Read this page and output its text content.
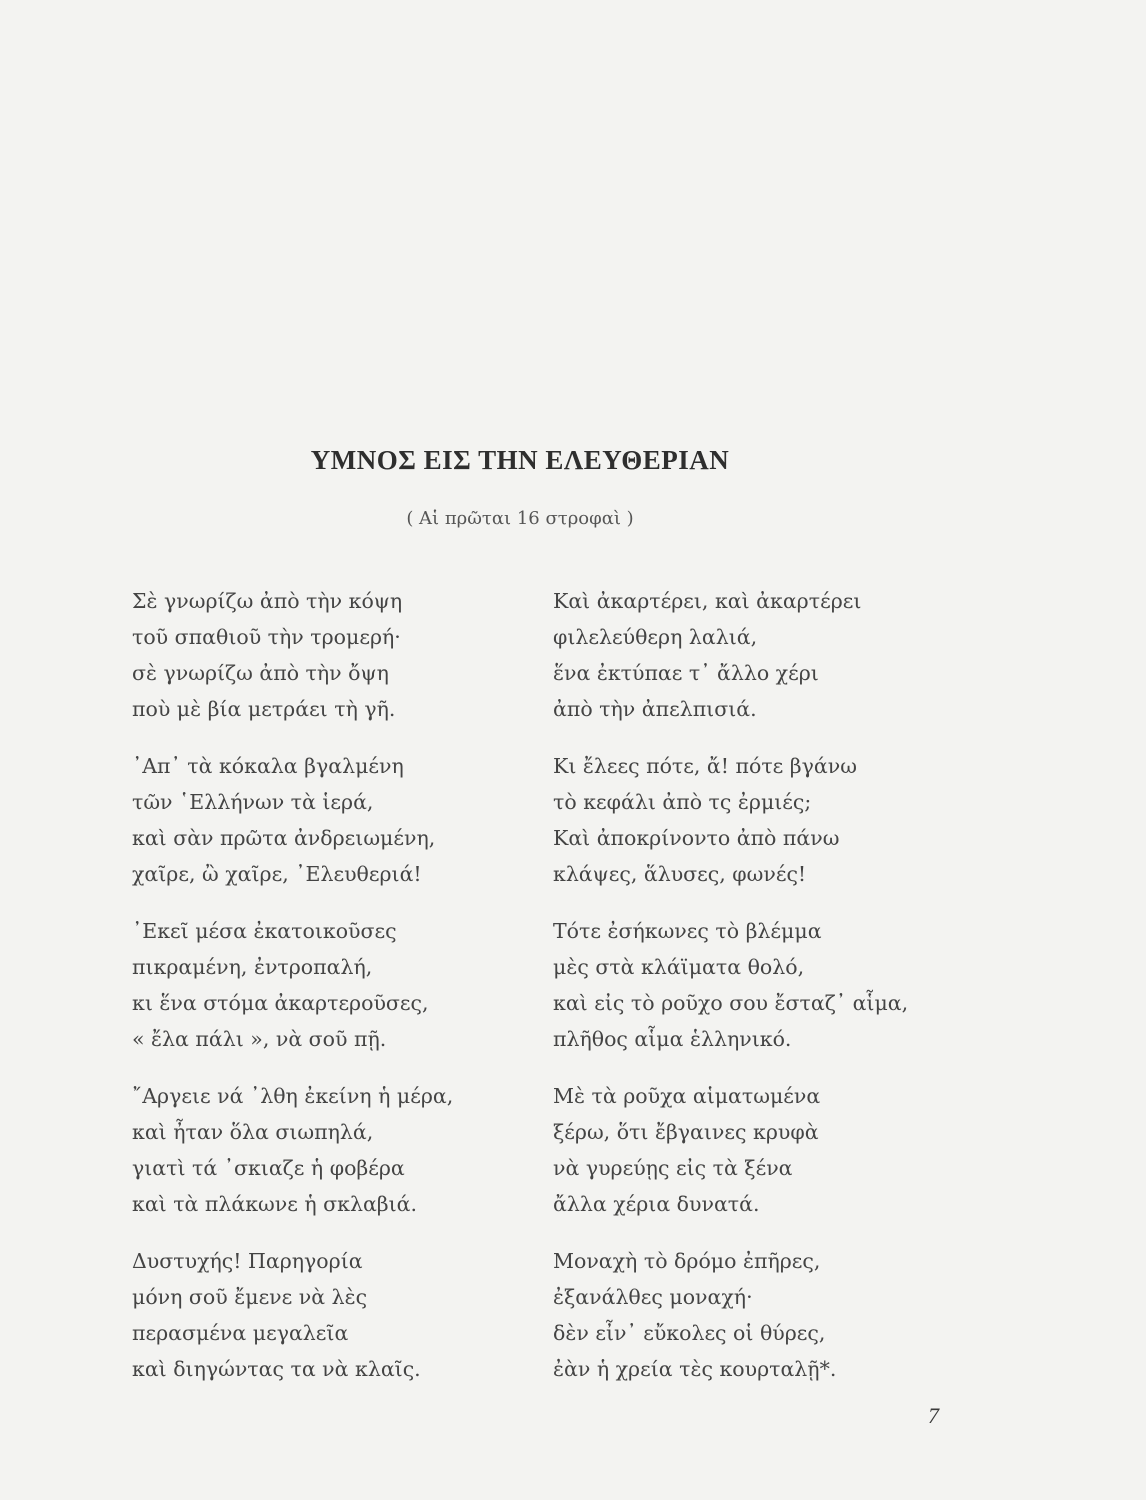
ΥΜΝΟΣ ΕΙΣ ΤΗΝ ΕΛΕΥΘΕΡΙΑΝ
( Αἱ πρῶται 16 στροφαὶ )
Σὲ γνωρίζω ἀπὸ τὴν κόψη
τοῦ σπαθιοῦ τὴν τρομερή·
σὲ γνωρίζω ἀπὸ τὴν ὄψη
ποὺ μὲ βία μετράει τὴ γῆ.
᾿Απ᾿ τὰ κόκαλα βγαλμένη
τῶν ῾Ελλήνων τὰ ἱερά,
καὶ σὰν πρῶτα ἀνδρειωμένη,
χαῖρε, ὢ χαῖρε, ᾿Ελευθεριά!
᾿Εκεῖ μέσα ἐκατοικοῦσες
πικραμένη, ἐντροπαλή,
κι ἕνα στόμα ἀκαρτεροῦσες,
« ἔλα πάλι », νὰ σοῦ πῇ.
῎Αργειε νά ᾿λθη ἐκείνη ἡ μέρα,
καὶ ἦταν ὅλα σιωπηλά,
γιατὶ τά ᾿σκιαζε ἡ φοβέρα
καὶ τὰ πλάκωνε ἡ σκλαβιά.
Δυστυχής! Παρηγορία
μόνη σοῦ ἔμενε νὰ λὲς
περασμένα μεγαλεῖα
καὶ διηγώντας τα νὰ κλαῖς.
Καὶ ἀκαρτέρει, καὶ ἀκαρτέρει
φιλελεύθερη λαλιά,
ἕνα ἐκτύπαε τ᾿ ἄλλο χέρι
ἀπὸ τὴν ἀπελπισιά.
Κι ἔλεες πότε, ἄ! πότε βγάνω
τὸ κεφάλι ἀπὸ τς ἐρμιές;
Καὶ ἀποκρίνοντο ἀπὸ πάνω
κλάψες, ἅλυσες, φωνές!
Τότε ἐσήκωνες τὸ βλέμμα
μὲς στὰ κλάϊματα θολό,
καὶ εἰς τὸ ροῦχο σου ἔσταζ᾿ αἷμα,
πλῆθος αἷμα ἑλληνικό.
Μὲ τὰ ροῦχα αἱματωμένα
ξέρω, ὅτι ἔβγαινες κρυφὰ
νὰ γυρεύῃς εἰς τὰ ξένα
ἄλλα χέρια δυνατά.
Μοναχὴ τὸ δρόμο ἐπῆρες,
ἐξανάλθες μοναχή·
δὲν εἶν᾿ εὔκολες οἱ θύρες,
ἐὰν ἡ χρεία τὲς κουρταλῇ*.
7
